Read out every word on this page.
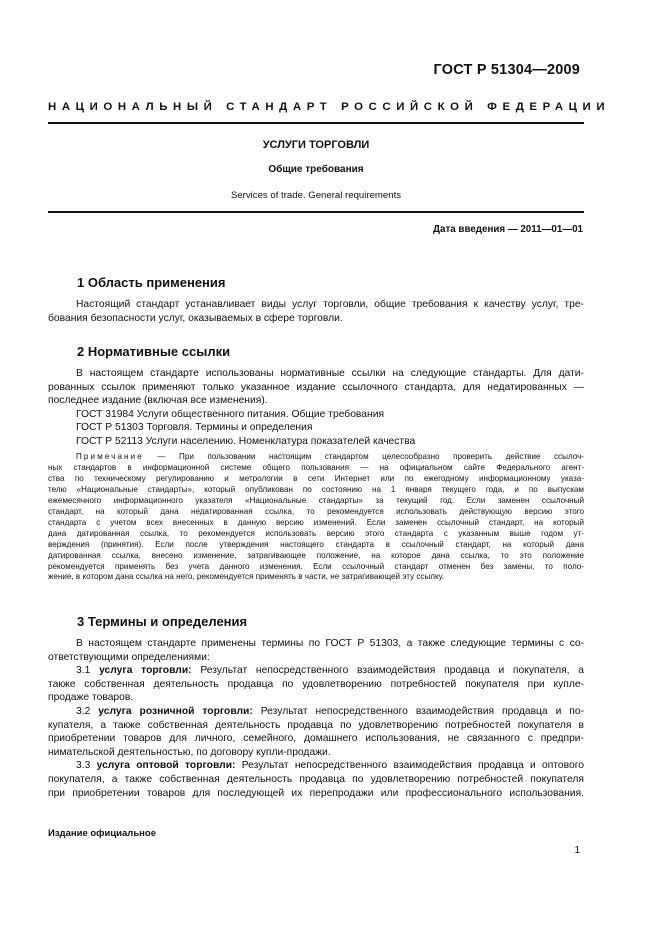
ГОСТ Р 51304—2009
НАЦИОНАЛЬНЫЙ СТАНДАРТ РОССИЙСКОЙ ФЕДЕРАЦИИ
УСЛУГИ ТОРГОВЛИ
Общие требования
Services of trade. General requirements
Дата введения — 2011—01—01
1 Область применения
Настоящий стандарт устанавливает виды услуг торговли, общие требования к качеству услуг, тре-
бования безопасности услуг, оказываемых в сфере торговли.
2 Нормативные ссылки
В настоящем стандарте использованы нормативные ссылки на следующие стандарты. Для дати-
рованных ссылок применяют только указанное издание ссылочного стандарта, для недатированных —
последнее издание (включая все изменения).
ГОСТ 31984 Услуги общественного питания. Общие требования
ГОСТ Р 51303 Торговля. Термины и определения
ГОСТ Р 52113 Услуги населению. Номенклатура показателей качества
Примечание — При пользовании настоящим стандартом целесообразно проверить действие ссылоч-
ных стандартов в информационной системе общего пользования — на официальном сайте Федерального агент-
ства по техническому регулированию и метрологии в сети Интернет или по ежегодному информационному указа-
телю «Национальные стандарты», который опубликован по состоянию на 1 января текущего года, и по выпускам
ежемесячного информационного указателя «Национальные стандарты» за текущий год. Если заменен ссылочный
стандарт, на который дана недатированная ссылка, то рекомендуется использовать действующую версию этого
стандарта с учетом всех внесенных в данную версию изменений. Если заменен ссылочный стандарт, на который
дана датированная ссылка, то рекомендуется использовать версию этого стандарта с указанным выше годом ут-
верждения (принятия). Если после утверждения настоящего стандарта в ссылочный стандарт, на который дана
датированная ссылка, внесено изменение, затрагивающее положение, на которое дана ссылка, то это положение
рекомендуется применять без учета данного изменения. Если ссылочный стандарт отменен без замены, то поло-
жение, в котором дана ссылка на него, рекомендуется применять в части, не затрагивающей эту ссылку.
3 Термины и определения
В настоящем стандарте применены термины по ГОСТ Р 51303, а также следующие термины с со-
ответствующими определениями:
3.1 услуга торговли: Результат непосредственного взаимодействия продавца и покупателя, а
также собственная деятельность продавца по удовлетворению потребностей покупателя при купле-
продаже товаров.
3.2 услуга розничной торговли: Результат непосредственного взаимодействия продавца и по-
купателя, а также собственная деятельность продавца по удовлетворению потребностей покупателя в
приобретении товаров для личного, семейного, домашнего использования, не связанного с предпри-
нимательской деятельностью, по договору купли-продажи.
3.3 услуга оптовой торговли: Результат непосредственного взаимодействия продавца и оптового
покупателя, а также собственная деятельность продавца по удовлетворению потребностей покупателя
при приобретении товаров для последующей их перепродажи или профессионального использования.
Издание официальное
1
